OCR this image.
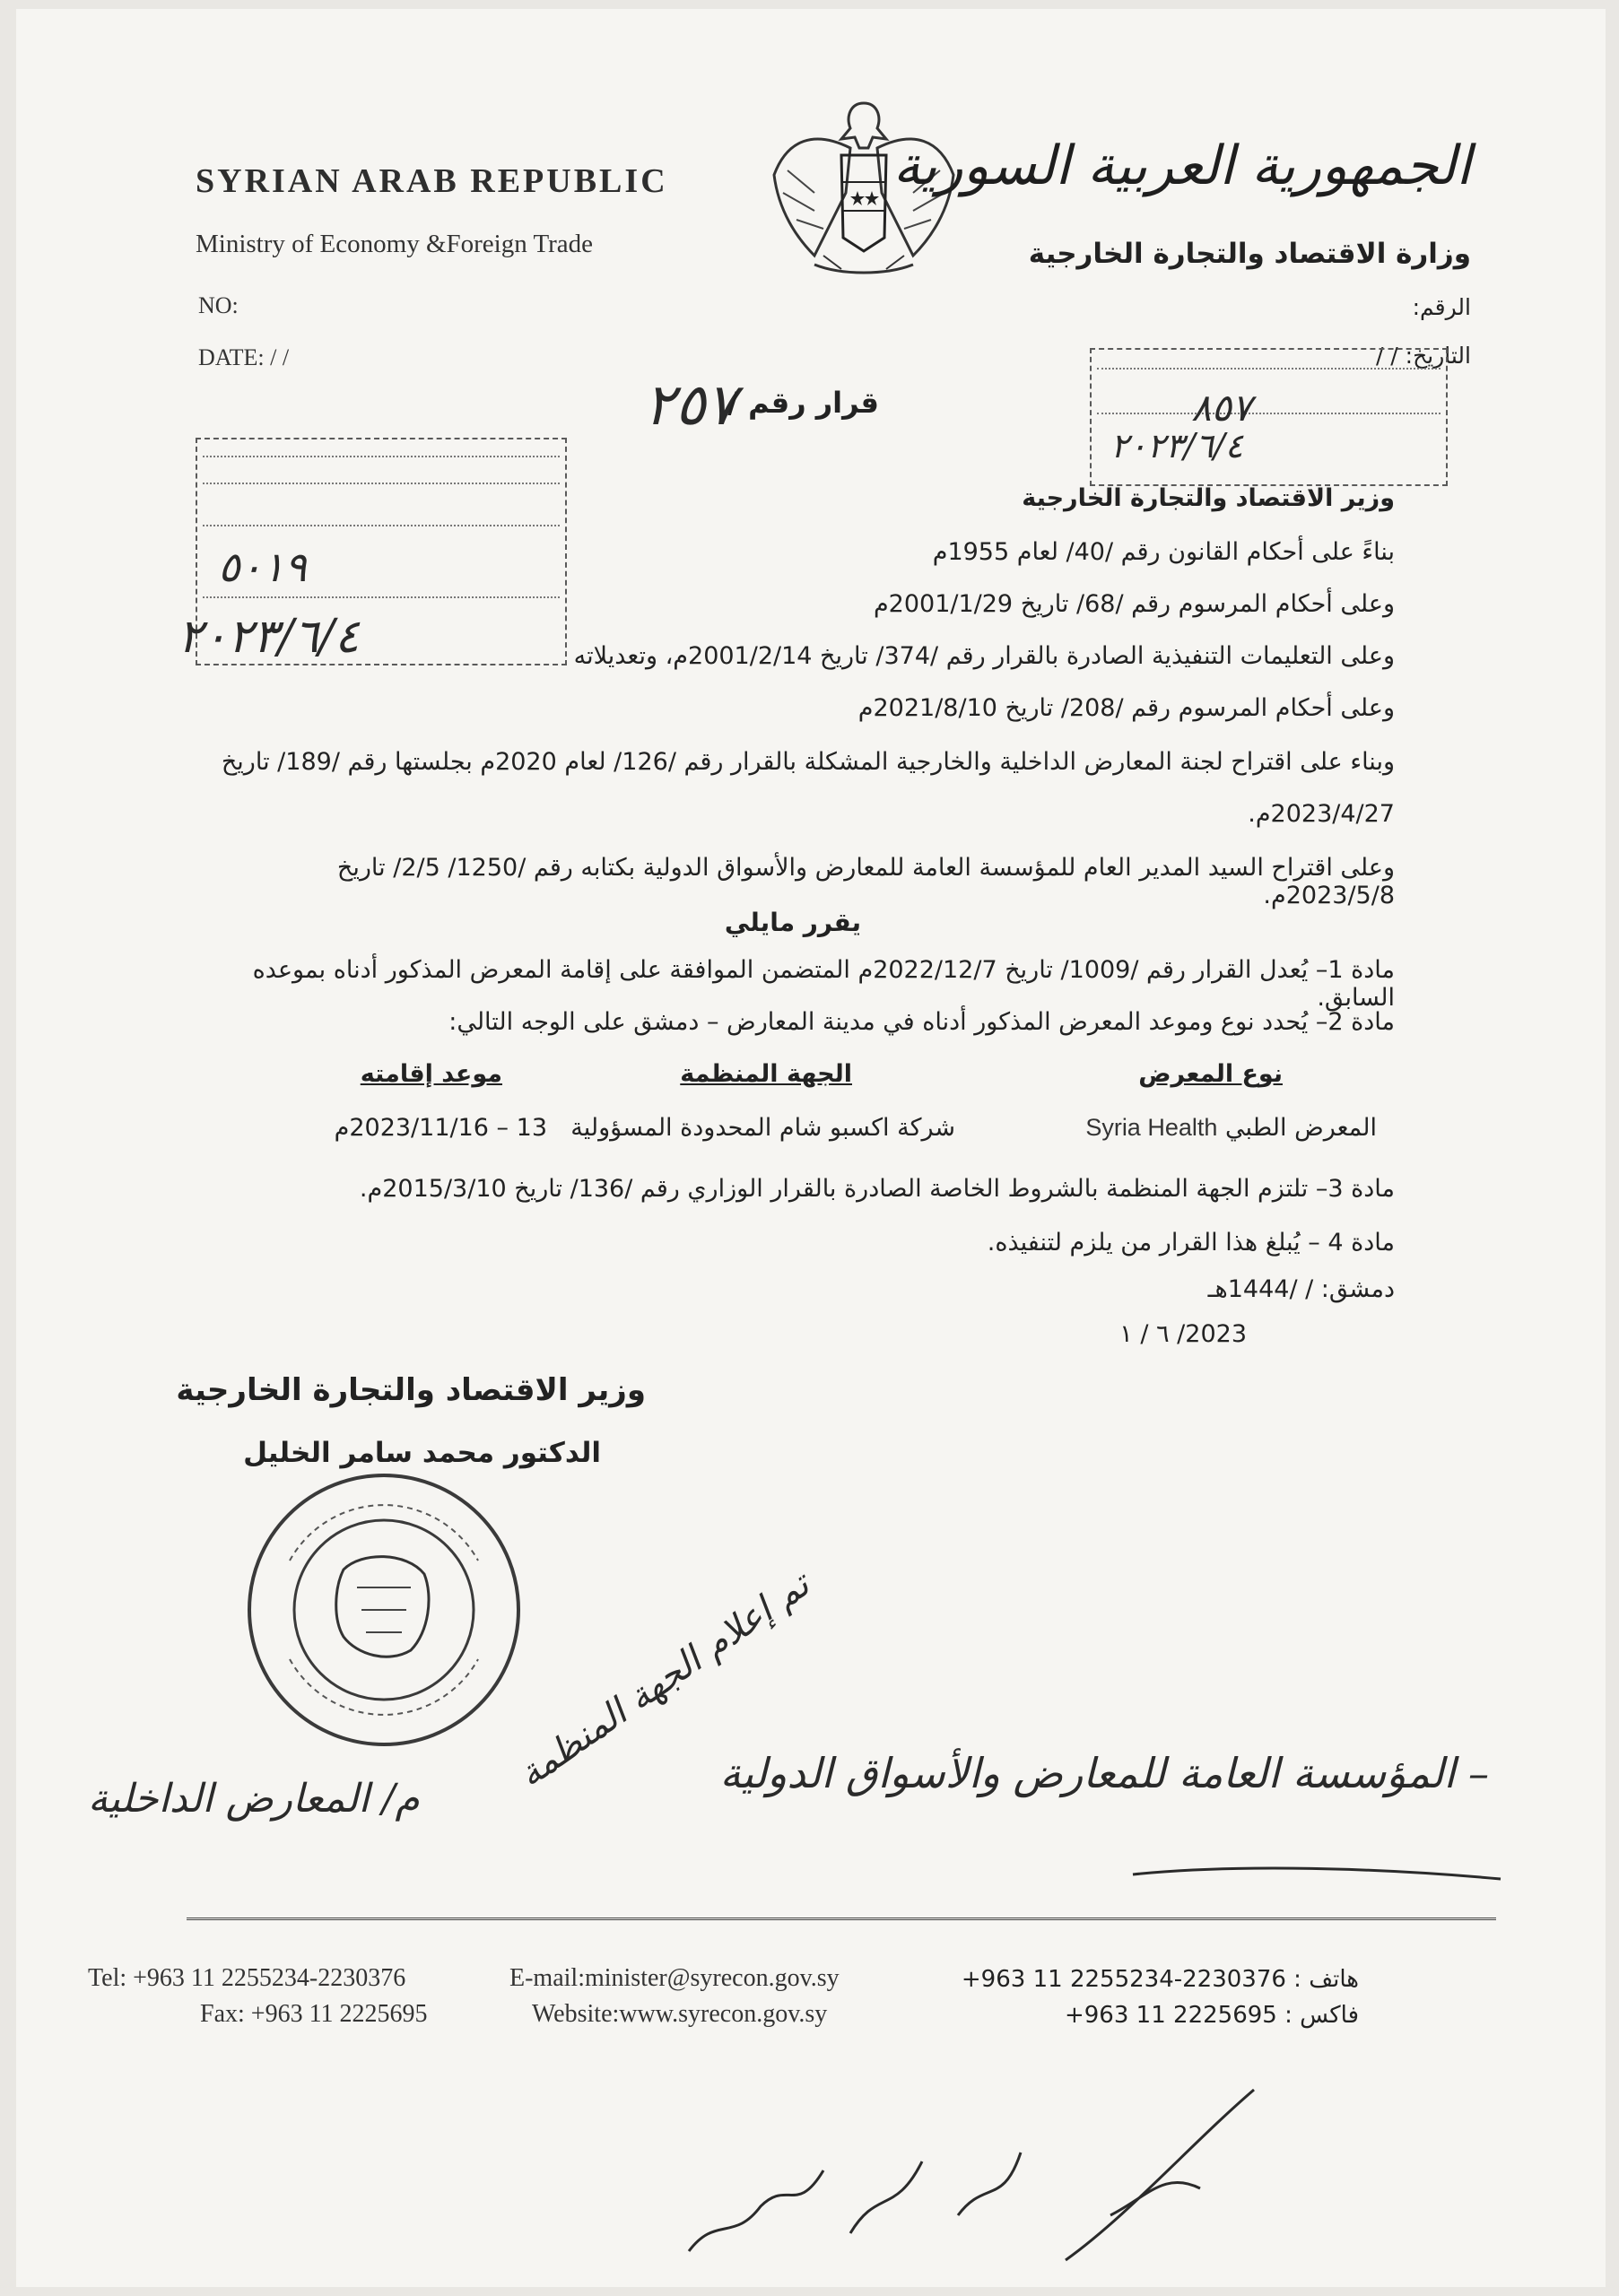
SYRIAN ARAB REPUBLIC
Ministry of Economy &Foreign Trade
NO:
DATE: / /
الجمهورية العربية السورية
وزارة الاقتصاد والتجارة الخارجية
الرقم:
التاريخ: / /
٨٥٧
٢٠٢٣/٦/٤
٥٠١٩
٢٠٢٣/٦/٤
٢٥٧
قرار رقم /
وزير الاقتصاد والتجارة الخارجية
بناءً على أحكام القانون رقم /40/ لعام 1955م
وعلى أحكام المرسوم رقم /68/ تاريخ 2001/1/29م
وعلى التعليمات التنفيذية الصادرة بالقرار رقم /374/ تاريخ 2001/2/14م، وتعديلاته
وعلى أحكام المرسوم رقم /208/ تاريخ 2021/8/10م
وبناء على اقتراح لجنة المعارض الداخلية والخارجية المشكلة بالقرار رقم /126/ لعام 2020م بجلستها رقم /189/ تاريخ
2023/4/27م.
وعلى اقتراح السيد المدير العام للمؤسسة العامة للمعارض والأسواق الدولية بكتابه رقم /1250/ 2/5/ تاريخ 2023/5/8م.
يقرر مايلي
مادة 1– يُعدل القرار رقم /1009/ تاريخ 2022/12/7م المتضمن الموافقة على إقامة المعرض المذكور أدناه بموعده السابق.
مادة 2– يُحدد نوع وموعد المعرض المذكور أدناه في مدينة المعارض – دمشق على الوجه التالي:
نوع المعرض
الجهة المنظمة
موعد إقامته
المعرض الطبي Syria Health
شركة اكسبو شام المحدودة المسؤولية
13 – 2023/11/16م
مادة 3– تلتزم الجهة المنظمة بالشروط الخاصة الصادرة بالقرار الوزاري رقم /136/ تاريخ 2015/3/10م.
مادة 4 – يُبلغ هذا القرار من يلزم لتنفيذه.
دمشق: / /1444هـ
2023/ ٦ / ١
وزير الاقتصاد والتجارة الخارجية
الدكتور محمد سامر الخليل
– المؤسسة العامة للمعارض والأسواق الدولية
م/ المعارض الداخلية
تم إعلام الجهة المنظمة
Tel: +963 11 2255234-2230376
Fax: +963 11 2225695
E-mail:minister@syrecon.gov.sy
Website:www.syrecon.gov.sy
هاتف : 2230376-2255234 11 963+
فاكس : 2225695 11 963+
